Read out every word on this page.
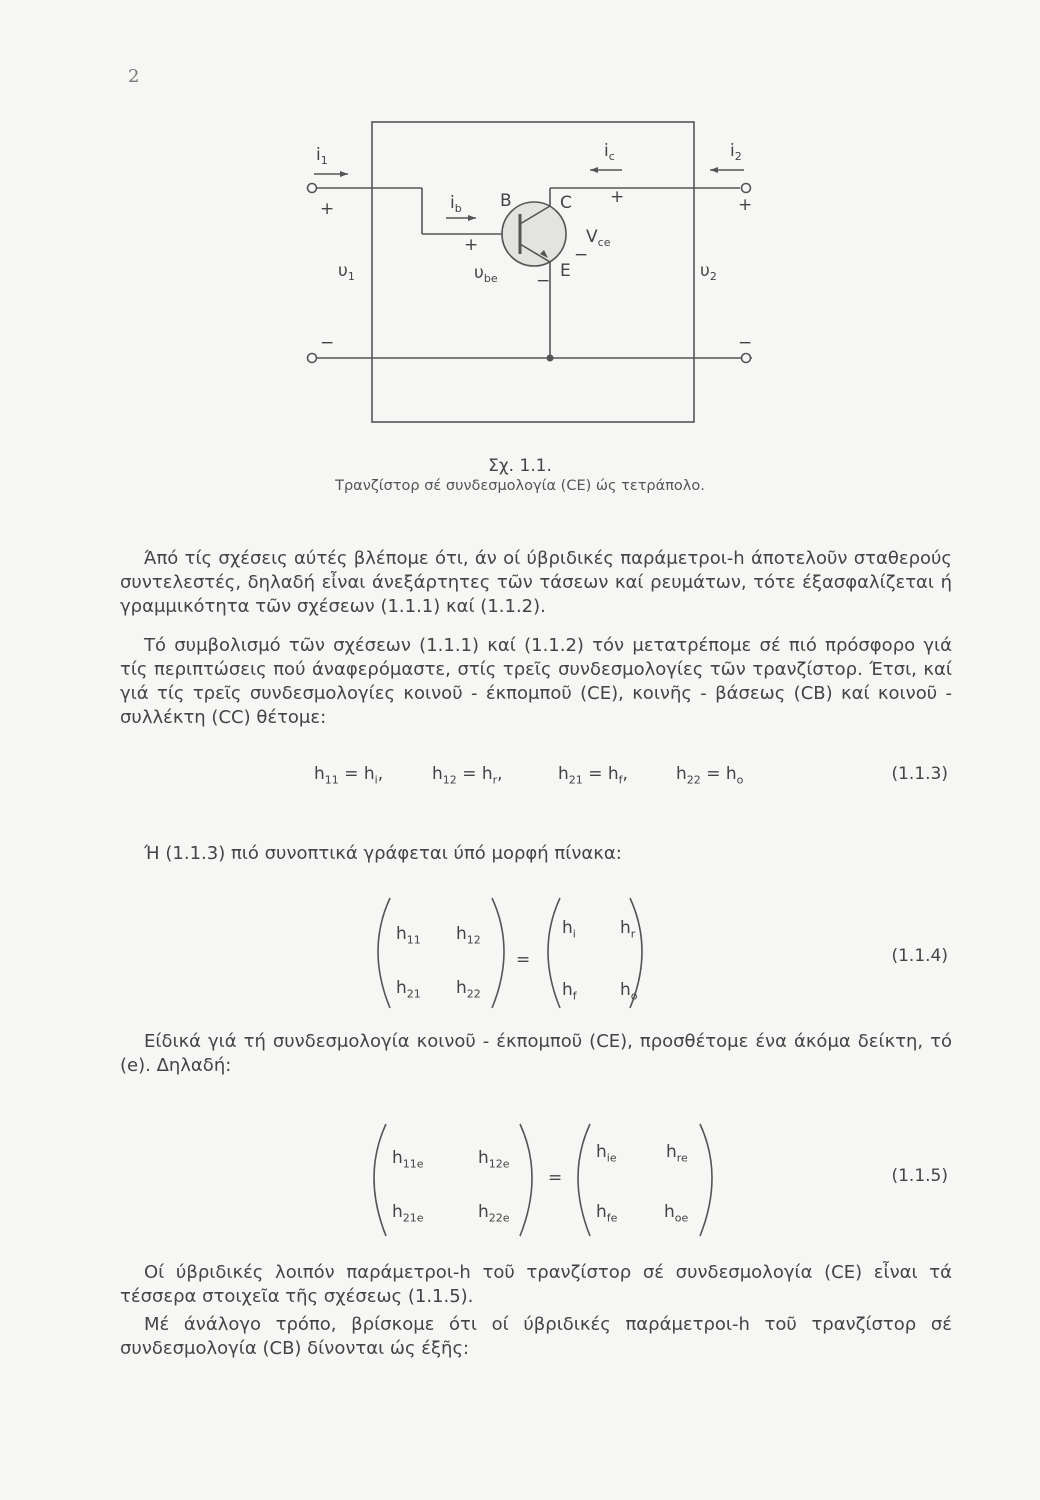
2
$i_1$	$i_c$	$i_2$
$i_b$ B	C
E
$V_{ce}$
$\upsilon_{be}$
$\upsilon_1$	$\upsilon_2$
+
+
+	+
−
−
−
−
Σχ. 1.1.
Τρανζίστορ σέ συνδεσμολογία (CE) ώς τετράπολο.

Άπό τίς σχέσεις αύτές βλέπομε ότι, άν οί ύβριδικές παράμετροι-h άποτελοῦν σταθερούς συντελεστές, δηλαδή εἶναι άνεξάρτητες τῶν τάσεων καί ρευμάτων, τότε έξασφαλίζεται ή γραμμικότητα τῶν σχέσεων (1.1.1) καί (1.1.2).

Τό συμβολισμό τῶν σχέσεων (1.1.1) καί (1.1.2) τόν μετατρέπομε σέ πιό πρόσφορο γιά τίς περιπτώσεις πού άναφερόμαστε, στίς τρεῖς συνδεσμολογίες τῶν τρανζίστορ. Έτσι, καί γιά τίς τρεῖς συνδεσμολογίες κοινοῦ - έκπομποῦ (CE), κοινῆς - βάσεως (CB) καί κοινοῦ - συλλέκτη (CC) θέτομε:

$h_{11} = h_i$,	$h_{12} = h_r$,	$h_{21} = h_f$,	$h_{22} = h_o$	(1.1.3)

Ή (1.1.3) πιό συνοπτικά γράφεται ύπό μορφή πίνακα:

$h_{11}$ $h_{12}$
$h_{21}$ $h_{22}$
=
$h_i$	$h_r$
$h_f$	$h_o$
(1.1.4)

Είδικά γιά τή συνδεσμολογία κοινοῦ - έκπομποῦ (CE), προσθέτομε ένα άκόμα δείκτη, τό (e). Δηλαδή:

$h_{11e}$	$h_{12e}$
$h_{21e}$	$h_{22e}$
=
$h_{ie}$	$h_{re}$
$h_{fe}$	$h_{oe}$
(1.1.5)

Οί ύβριδικές λοιπόν παράμετροι-h τοῦ τρανζίστορ σέ συνδεσμολογία (CE) εἶναι τά τέσσερα στοιχεῖα τῆς σχέσεως (1.1.5).

Μέ άνάλογο τρόπο, βρίσκομε ότι οί ύβριδικές παράμετροι-h τοῦ τρανζίστορ σέ συνδεσμολογία (CB) δίνονται ώς έξῆς:
